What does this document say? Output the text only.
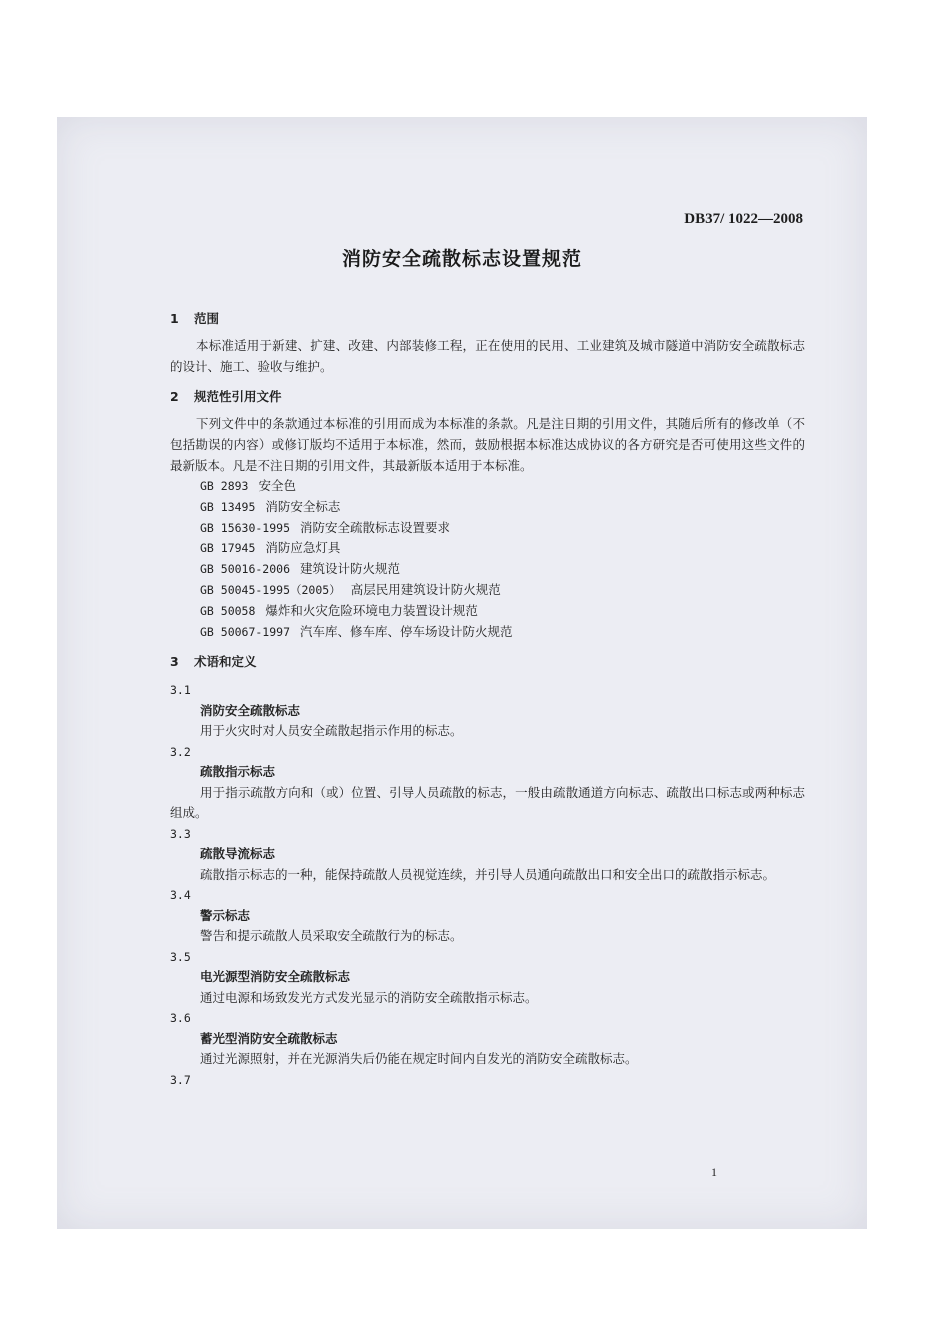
DB37/ 1022—2008
消防安全疏散标志设置规范
1 范围

本标准适用于新建、扩建、改建、内部装修工程，正在使用的民用、工业建筑及城市隧道中消防安全疏散标志的设计、施工、验收与维护。

2 规范性引用文件

下列文件中的条款通过本标准的引用而成为本标准的条款。凡是注日期的引用文件，其随后所有的修改单（不包括勘误的内容）或修订版均不适用于本标准，然而，鼓励根据本标准达成协议的各方研究是否可使用这些文件的最新版本。凡是不注日期的引用文件，其最新版本适用于本标准。

GB 2893 安全色
GB 13495 消防安全标志
GB 15630-1995 消防安全疏散标志设置要求
GB 17945 消防应急灯具
GB 50016-2006 建筑设计防火规范
GB 50045-1995（2005） 高层民用建筑设计防火规范
GB 50058 爆炸和火灾危险环境电力装置设计规范
GB 50067-1997 汽车库、修车库、停车场设计防火规范
3 术语和定义
3.1
消防安全疏散标志

用于火灾时对人员安全疏散起指示作用的标志。

3.2
疏散指示标志

用于指示疏散方向和（或）位置、引导人员疏散的标志，一般由疏散通道方向标志、疏散出口标志或两种标志组成。

3.3
疏散导流标志

疏散指示标志的一种，能保持疏散人员视觉连续，并引导人员通向疏散出口和安全出口的疏散指示标志。

3.4
警示标志

警告和提示疏散人员采取安全疏散行为的标志。

3.5
电光源型消防安全疏散标志

通过电源和场致发光方式发光显示的消防安全疏散指示标志。

3.6
蓄光型消防安全疏散标志

通过光源照射，并在光源消失后仍能在规定时间内自发光的消防安全疏散标志。

3.7
1
